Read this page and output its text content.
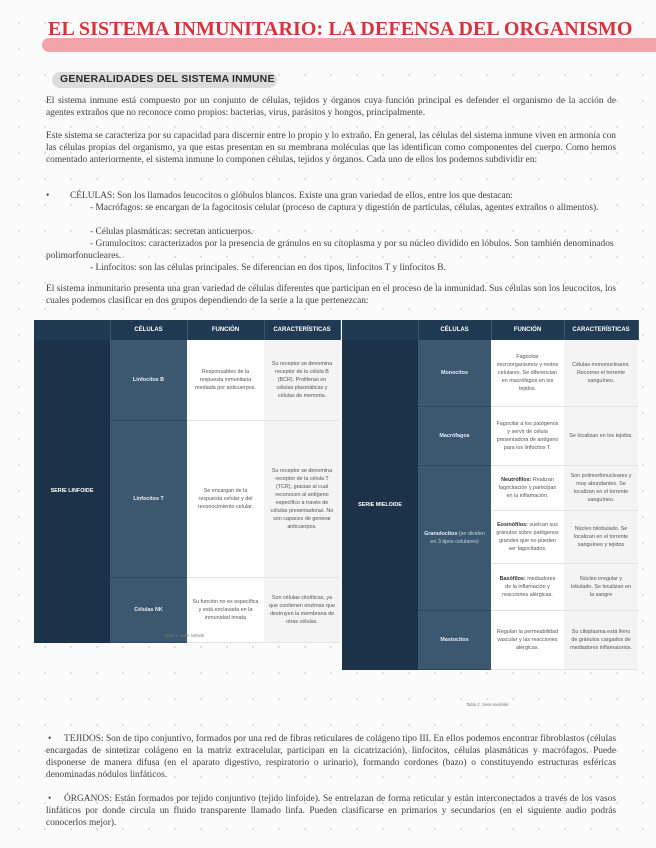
EL SISTEMA INMUNITARIO: LA DEFENSA DEL ORGANISMO
GENERALIDADES DEL SISTEMA INMUNE
El sistema inmune está compuesto por un conjunto de células, tejidos y órganos cuya función principal es defender el organismo de la acción de agentes extraños que no reconoce como propios: bacterias, virus, parásitos y hongos, principalmente.
Este sistema se caracteriza por su capacidad para discernir entre lo propio y lo extraño. En general, las células del sistema inmune viven en armonía con las células propias del organismo, ya que estas presentan en su membrana moléculas que las identifican como componentes del cuerpo. Como hemos comentado anteriormente, el sistema inmune lo componen células, tejidos y órganos. Cada uno de ellos los podemos subdividir en:
• CÉLULAS: Son los llamados leucocitos o glóbulos blancos. Existe una gran variedad de ellos, entre los que destacan:
- Macrófagos: se encargan de la fagocitosis celular (proceso de captura y digestión de partículas, células, agentes extraños o alimentos).
- Células plasmáticas: secretan anticuerpos.
- Granulocitos: caracterizados por la presencia de gránulos en su citoplasma y por su núcleo dividido en lóbulos. Son también denominados polimorfonucleares.
- Linfocitos: son las células principales. Se diferencian en dos tipos, linfocitos T y linfocitos B.
El sistema inmunitario presenta una gran variedad de células diferentes que participan en el proceso de la inmunidad. Sus células son los leucocitos, los cuales podemos clasificar en dos grupos dependiendo de la serie a la que pertenezcan:
	CÉLULAS	FUNCIÓN	CARACTERÍSTICAS
SERIE LINFOIDE	Linfocitos B	Responsables de la respuesta inmunitaria mediada por anticuerpos.	Su receptor se denomina receptor de la célula B (BCR). Proliferan en células plasmáticas y células de memoria.
	Linfocitos T	Se encargan de la respuesta celular y del reconocimiento celular.	Su receptor se denomina receptor de la célula T (TCR), gracias al cual reconocen al antígeno específico a través de células presentadoras. No son capaces de generar anticuerpos.
	Células NK	Su función no es específica y está enclavada en la inmunidad innata	Son células citolíticas, ya que contienen enzimas que destruyen la membrana de otras células.
Tabla 1. Serie linfoide
	CÉLULAS	FUNCIÓN	CARACTERÍSTICAS
SERIE MIELOIDE	Monocitos	Fagocitar microorganismos y restos celulares. Se diferencian en macrófagos en los tejidos.	Células mononucleares. Recorren el torrente sanguíneo.
	Macrófagos	Fagocitar a los patógenos y servir de célula presentadora de antígeno para los linfocitos T.	Se localizan en los tejidos.
	Granulocitos (se dividen en 3 tipos celulares)	Neutrófilos: Realizan fagocitación y participan en la inflamación.	Son polimorfonucleares y muy abundantes. Se localizan en el torrente sanguíneo.
		Eosinófilos: vuelcan sus gránulos sobre patógenos grandes que no pueden ser fagocitados.	Núcleo bilobulado. Se localizan en el torrente sanguíneo y tejidos
		Basófilos: mediadores de la inflamación y reacciones alérgicas.	Núcleo irregular y lobulado. Se localizan en la sangre
	Mastocitos	Regulan la permeabilidad vascular y las reacciones alérgicas.	Su citoplasma está lleno de gránulos cargados de mediadores inflamatorios.
Tabla 2. Serie mieloide
•	TEJIDOS: Son de tipo conjuntivo, formados por una red de fibras reticulares de colágeno tipo III. En ellos podemos encontrar fibroblastos (células encargadas de sintetizar colágeno en la matriz extracelular, participan en la cicatrización), linfocitos, células plasmáticas y macrófagos. Puede disponerse de manera difusa (en el aparato digestivo, respiratorio o urinario), formando cordones (bazo) o constituyendo estructuras esféricas denominadas nódulos linfáticos.
•	ÓRGANOS: Están formados por tejido conjuntivo (tejido linfoide). Se entrelazan de forma reticular y están interconectados a través de los vasos linfáticos por donde circula un fluido transparente llamado linfa. Pueden clasificarse en primarios y secundarios (en el siguiente audio podrás conocerlos mejor).
